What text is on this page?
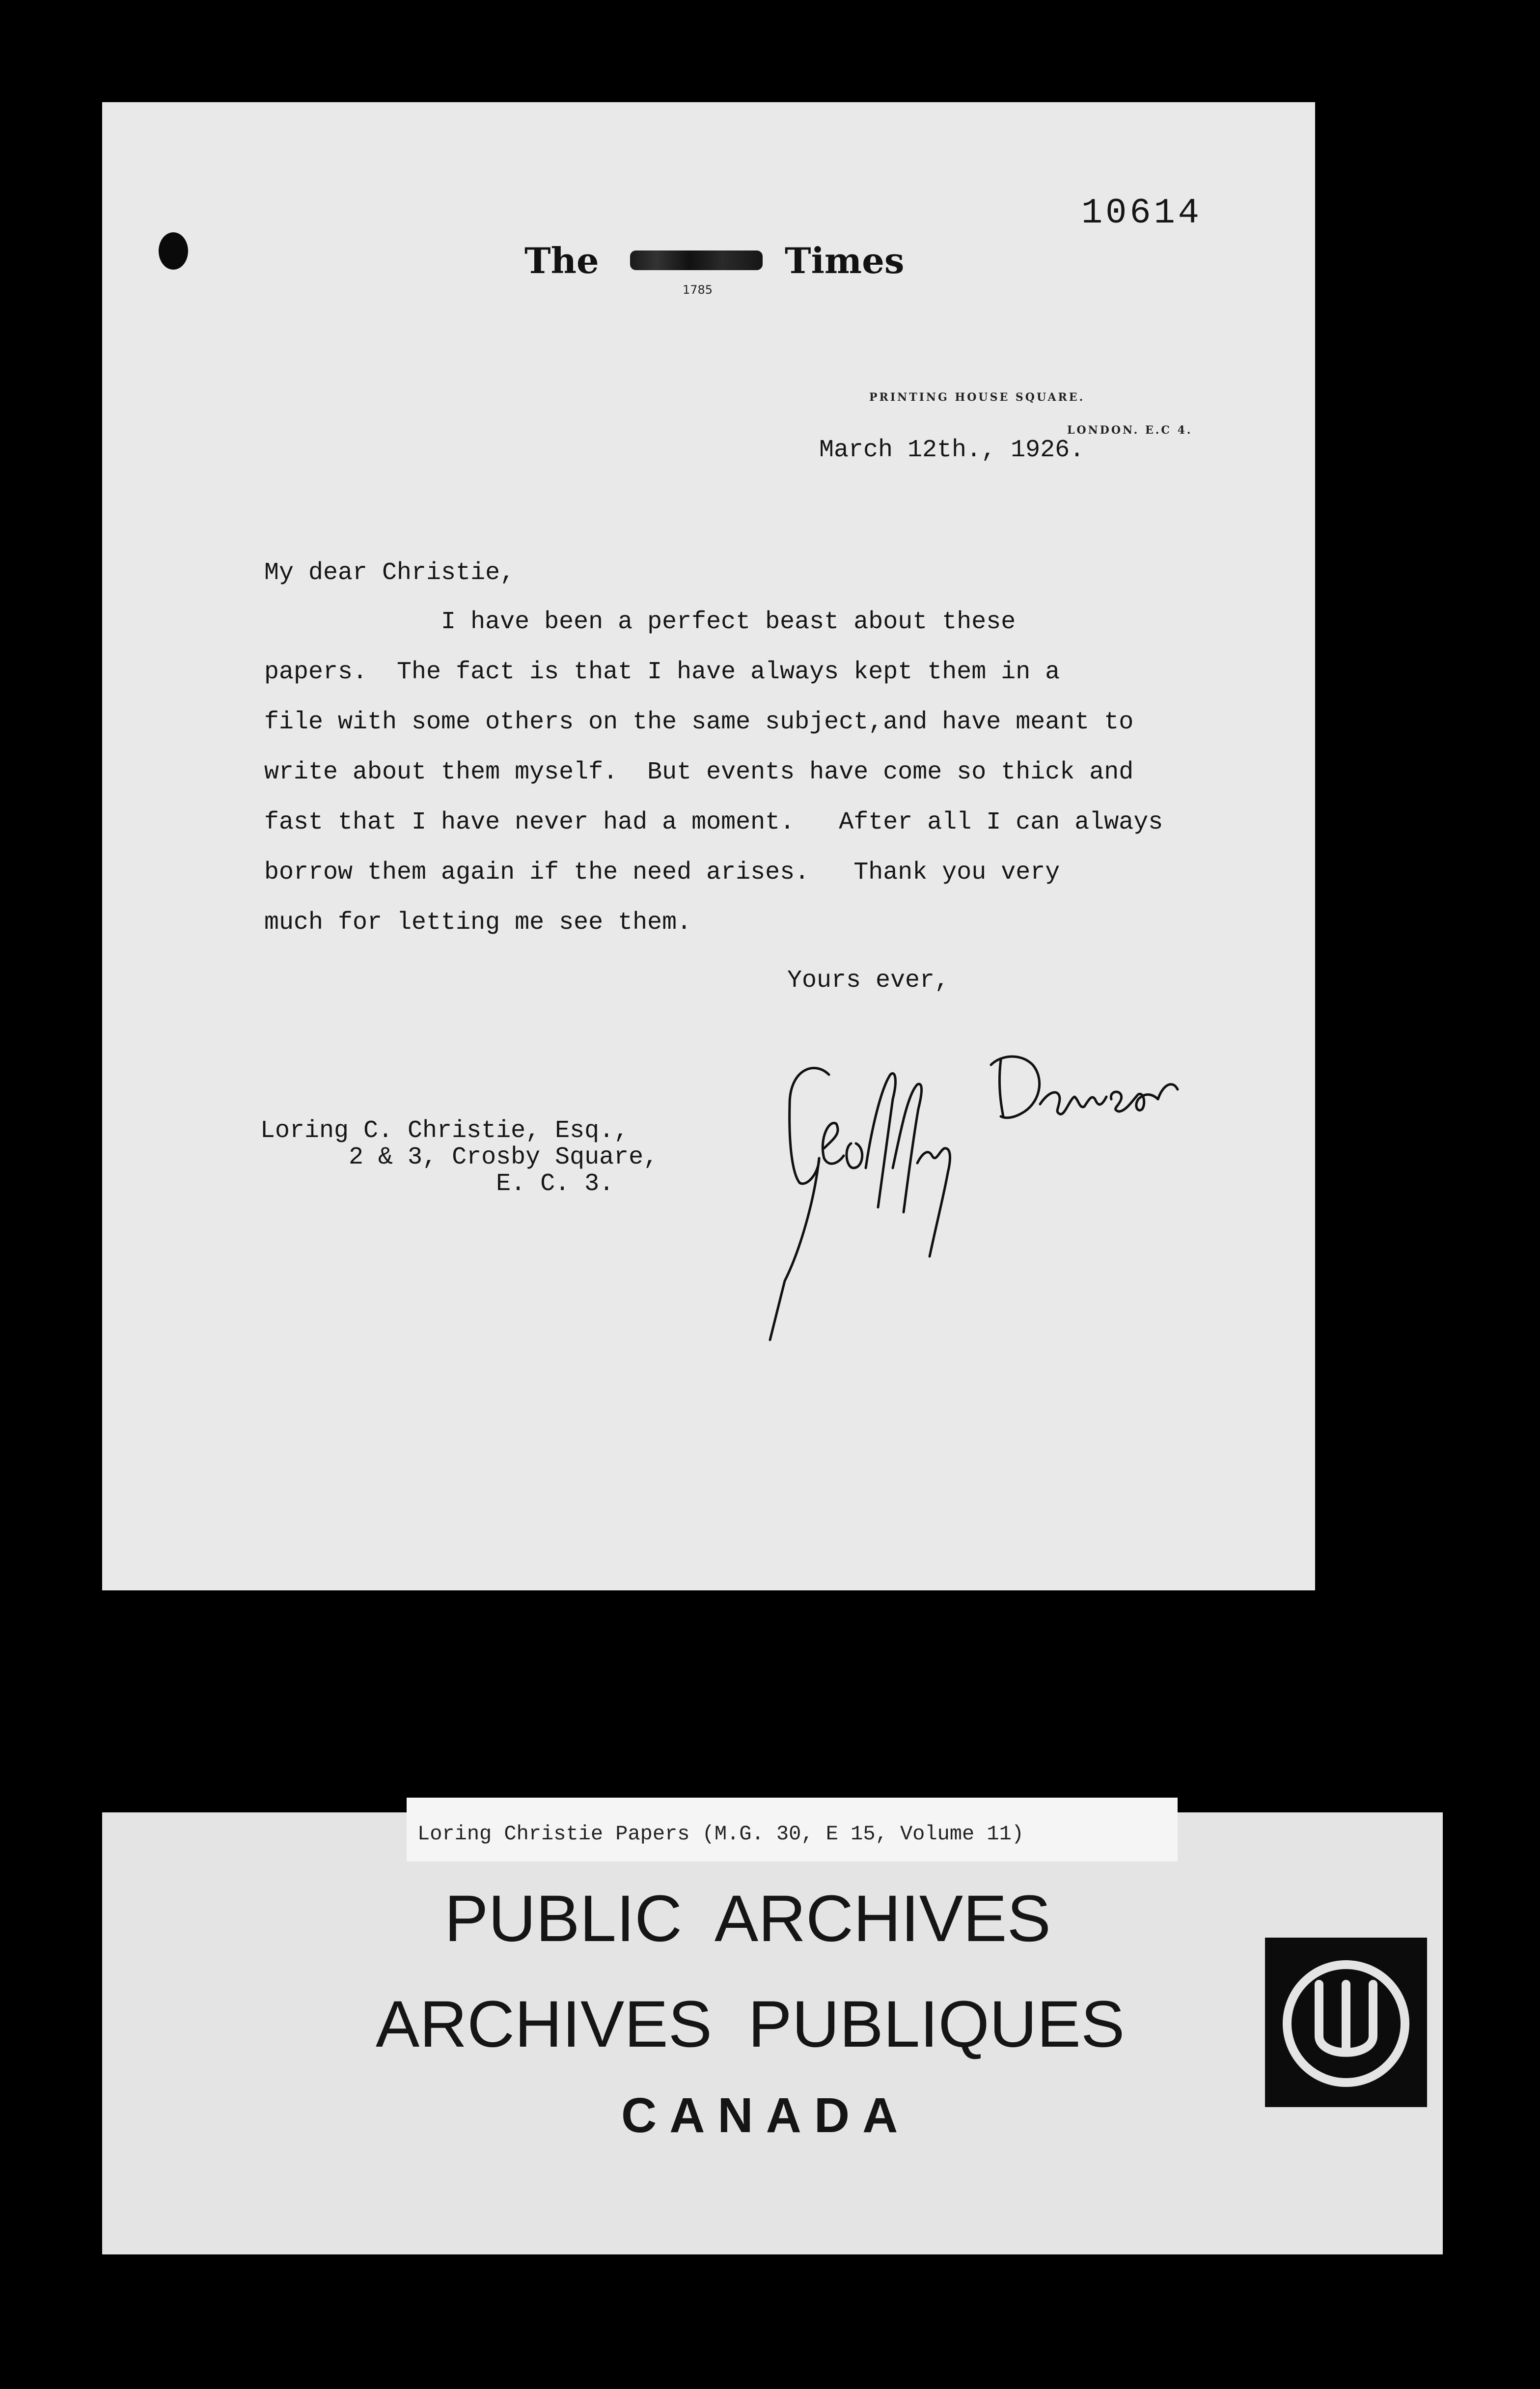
10614
The
1785
Times
PRINTING HOUSE SQUARE.
LONDON. E.C 4.
March 12th., 1926.
My dear Christie,
I have been a perfect beast about these
papers.  The fact is that I have always kept them in a
file with some others on the same subject,and have meant to
write about them myself.  But events have come so thick and
fast that I have never had a moment.   After all I can always
borrow them again if the need arises.   Thank you very
much for letting me see them.
Yours ever,
Loring C. Christie, Esq.,
2 & 3, Crosby Square,
E. C. 3.
Loring Christie Papers (M.G. 30, E 15, Volume 11)
PUBLIC ARCHIVES
ARCHIVES PUBLIQUES
CANADA
